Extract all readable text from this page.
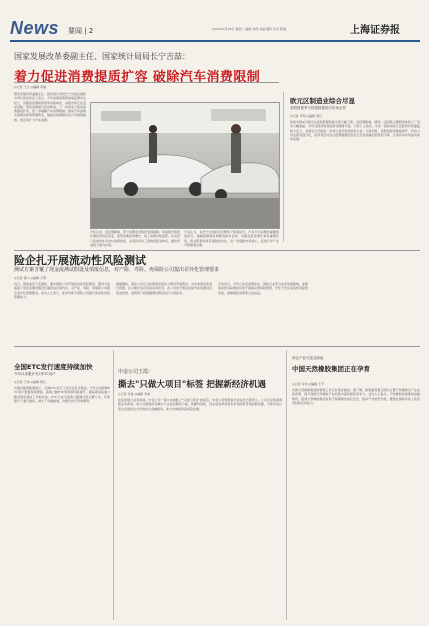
News 要闻 | 2	2020年4月28日 星期二 编辑 李德 美编 魏伟 校对 陈瑞	上海证券报
国家发展改革委副主任、国家统计局局长宁吉喆：
着力促进消费提质扩容 破除汽车消费限制
◎记者 王立 ◎编辑 李瑞
国家发展改革委副主任、国家统计局局长宁吉喆在国新办举行的发布会上表示，今年我国消费领域受疫情冲击较大，但随着疫情防控形势持续向好，消费市场正在逐步回暖，居民消费潜力逐步释放。下一步将着力促进消费提质扩容，进一步破除汽车消费限制，推动汽车由购买管理向使用管理转变，鼓励各地调整优化汽车限购措施，稳定和扩大汽车消费。
今年以来，受疫情影响，部分消费需求暂时受到抑制，但消费升级的长期趋势没有改变，新型消费逆势增长，线上消费持续活跃。有关部门将加快补齐农村消费短板，完善县乡村三级物流配送体系，推动形成强大国内市场。
专家认为，本次宁吉喆的表态释放了积极信号，汽车作为消费的重要组成部分，破除限制将有效释放购车需求，对稳定经济增长具有重要作用。相关配套政策有望陆续出台，进一步提振市场信心，促进汽车产业平稳健康发展。
欧元区制造业综合尽显
美股财报季与疫情数据指引市场走势
◎记者 李明 ◎编辑 周红
欧洲多国4月制造业采购经理指数出现大幅下滑，受疫情影响，德国、法国等主要经济体的工厂活动大幅收缩，市场对经济前景的担忧情绪升温。分析人士指出，未来一段时间欧元区经济仍将面临较大压力，各国央行可能进一步加大货币政策宽松力度。与此同时，美股财报季陆续展开，科技公司业绩表现分化，投资者密切关注疫情数据的变化以及各国重启经济的节奏，全球资本市场波动或将加剧。
险企扎开展流动性风险测试
测试方案含覆了现金流测试假设及填报信息，对产险、寿险、再保险公司提出差异化管理要求
◎记者 黄小 ◎编辑 王明
近日，银保监会下发通知，要求保险公司开展流动性风险测试，测试方案涵盖了现金流测试假设及填报信息等内容，对产险、寿险、再保险公司提出差异化管理要求。业内人士表示，此举有助于保险公司提升流动性风险管理能力。
根据通知，保险公司应当按照规定的压力情景开展测试，对未来现金流进行预测，并合理评估自身流动性状况。各公司需于规定时间内完成测试并报送结果，监管部门将根据测试情况进行分类指导。
专家表示，今年以来受疫情冲击，保险行业部分业务受到影响，加强流动性风险测试有利于提前识别风险隐患，守住不发生系统性风险的底线，保障保险消费者合法权益。
全国ETC发行速度持续加快
今年以来累计发行ETC用户
◎记者 王伟 ◎编辑 陈红
交通运输部数据显示，全国ETC发行工作正在有序推进，今年以来新增ETC用户数量持续增加，高速公路ETC使用率明显提升。随着取消高速公路省界收费站工作的完成，ETC已成为高速公路通行的主要方式，有效提升了通行效率，减少了车辆拥堵，为群众出行带来便利。
中金公司王霞：
撕去"只做大项目"标签 把握新经济机遇
◎记者 朱星 ◎编辑 李丽
在投资银行业务领域，中金公司一直以来被贴上"只做大项目"的标签。中金公司管理委员会成员王霞表示，公司正在积极调整业务布局，加大对新经济领域中小企业的服务力度，把握科创板、创业板改革等资本市场改革带来的新机遇，为更多成长型企业提供全方位的综合金融服务，助力实体经济高质量发展。
两会产业可创业新政
中国天然橡胶集团正在孕育
◎记者 李伟 ◎编辑 王平
中国天然橡胶集团的筹建工作正在稳步推进。据了解，新集团将整合国内主要天然橡胶生产企业的资源，提升我国天然橡胶产业的集中度和国际竞争力。业内人士指出，天然橡胶是重要的战略物资，组建大型橡胶集团有助于保障国内供应安全，推动产业转型升级，增强在国际市场上的话语权和定价能力。
